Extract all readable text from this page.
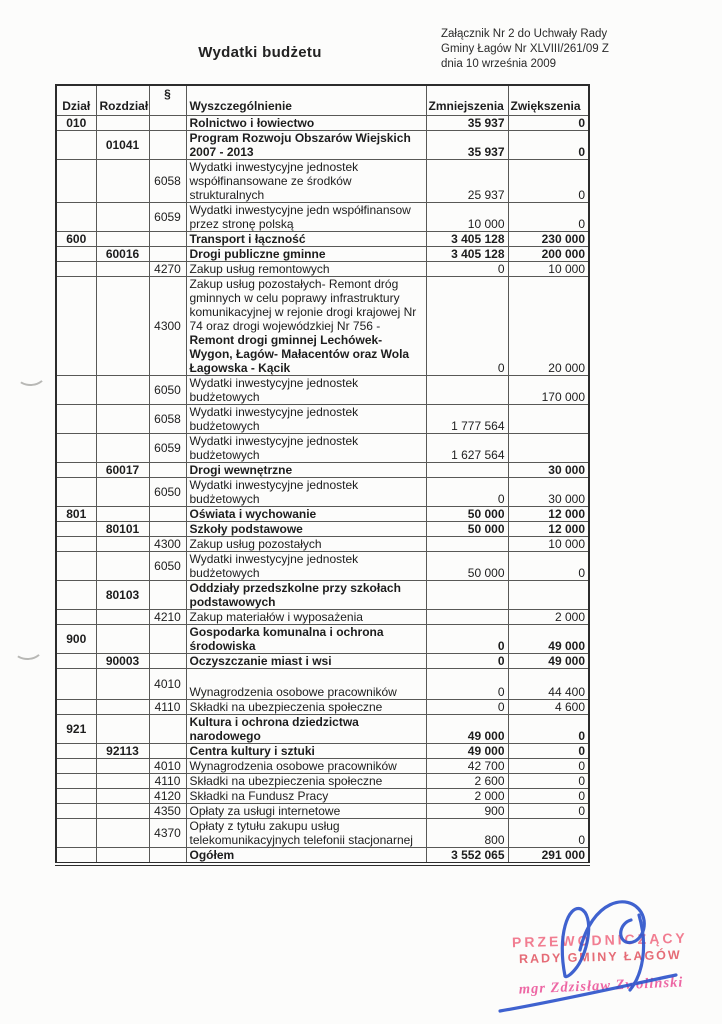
Wydatki budżetu
Załącznik Nr 2 do Uchwały Rady
Gminy Łagów Nr XLVIII/261/09 Z
dnia 10 września 2009
Dział	Rozdział	§	Wyszczególnienie	Zmniejszenia	Zwiększenia
010			Rolnictwo i łowiectwo	35 937	0
	01041		Program Rozwoju Obszarów Wiejskich 2007 - 2013	35 937	0
		6058	Wydatki inwestycyjne jednostek współfinansowane ze środków strukturalnych	25 937	0
		6059	Wydatki inwestycyjne jedn współfinansow przez stronę polską	10 000	0
600			Transport i łączność	3 405 128	230 000
	60016		Drogi publiczne gminne	3 405 128	200 000
		4270	Zakup usług remontowych	0	10 000
		4300	Zakup usług pozostałych- Remont dróg gminnych w celu poprawy infrastruktury komunikacyjnej w rejonie drogi krajowej Nr 74 oraz drogi wojewódzkiej Nr 756 - Remont drogi gminnej Lechówek-Wygon, Łagów- Małacentów oraz Wola Łagowska - Kącik	0	20 000
		6050	Wydatki inwestycyjne jednostek budżetowych		170 000
		6058	Wydatki inwestycyjne jednostek budżetowych	1 777 564	
		6059	Wydatki inwestycyjne jednostek budżetowych	1 627 564	
	60017		Drogi wewnętrzne		30 000
		6050	Wydatki inwestycyjne jednostek budżetowych	0	30 000
801			Oświata i wychowanie	50 000	12 000
	80101		Szkoły podstawowe	50 000	12 000
		4300	Zakup usług pozostałych		10 000
		6050	Wydatki inwestycyjne jednostek budżetowych	50 000	0
	80103		Oddziały przedszkolne przy szkołach podstawowych		
		4210	Zakup materiałów i wyposażenia		2 000
900			Gospodarka komunalna i ochrona środowiska	0	49 000
	90003		Oczyszczanie miast i wsi	0	49 000
		4010	Wynagrodzenia osobowe pracowników	0	44 400
		4110	Składki na ubezpieczenia społeczne	0	4 600
921			Kultura i ochrona dziedzictwa narodowego	49 000	0
	92113		Centra kultury i sztuki	49 000	0
		4010	Wynagrodzenia osobowe pracowników	42 700	0
		4110	Składki na ubezpieczenia społeczne	2 600	0
		4120	Składki na Fundusz Pracy	2 000	0
		4350	Opłaty za usługi internetowe	900	0
		4370	Opłaty z tytułu zakupu usług telekomunikacyjnych telefonii stacjonarnej	800	0
			Ogółem	3 552 065	291 000
PRZEWODNICZĄCY
RADY GMINY ŁAGÓW
mgr Zdzisław Zwoliński
